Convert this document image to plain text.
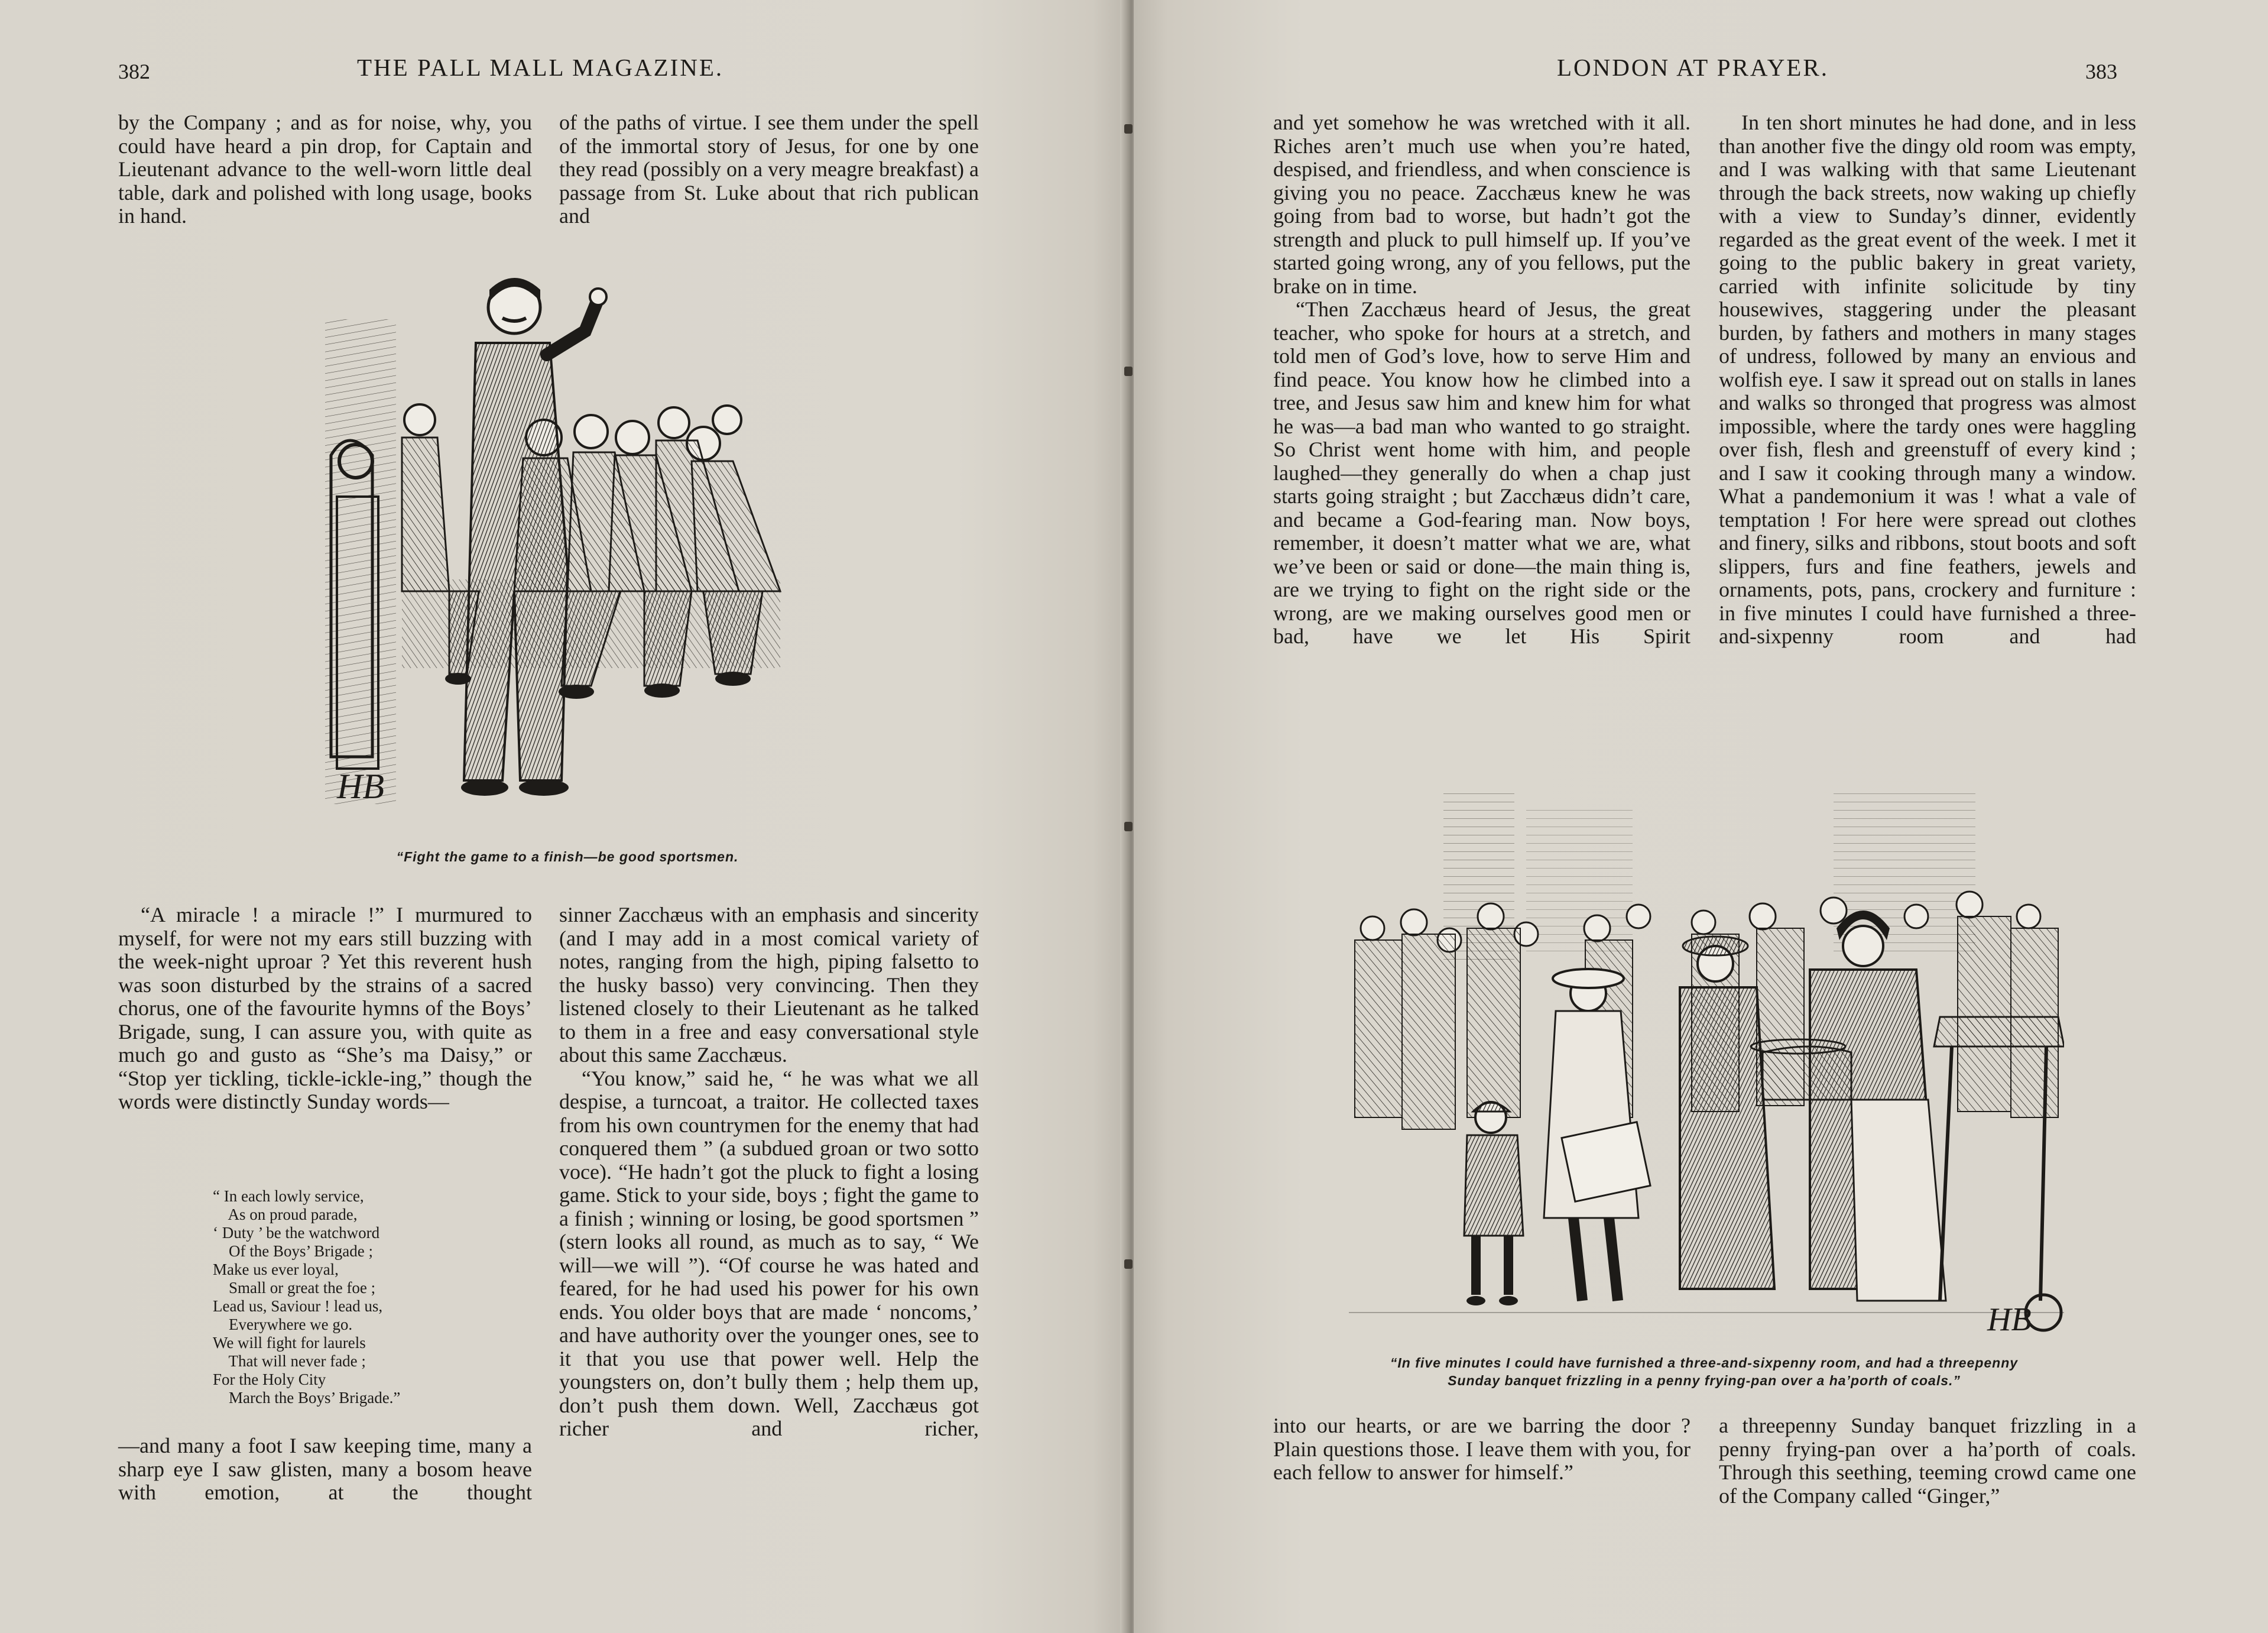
382	THE PALL MALL MAGAZINE.

by the Company ; and as for noise, why, you could have heard a pin drop, for Captain and Lieutenant advance to the well-worn little deal table, dark and polished with long usage, books in hand.

of the paths of virtue. I see them under the spell of the immortal story of Jesus, for one by one they read (possibly on a very meagre breakfast) a passage from St. Luke about that rich publican and

HB
“Fight the game to a finish—be good sportsmen.

“A miracle ! a miracle !” I murmured to myself, for were not my ears still buzzing with the week-night uproar ? Yet this reverent hush was soon disturbed by the strains of a sacred chorus, one of the favourite hymns of the Boys’ Brigade, sung, I can assure you, with quite as much go and gusto as “She’s ma Daisy,” or “Stop yer tickling, tickle-ickle-ing,” though the words were distinctly Sunday words—

“ In each lowly service,
As on proud parade,
‘ Duty ’ be the watchword
Of the Boys’ Brigade ;
Make us ever loyal,
Small or great the foe ;
Lead us, Saviour ! lead us,
Everywhere we go.
We will fight for laurels
That will never fade ;
For the Holy City
March the Boys’ Brigade.”

—and many a foot I saw keeping time, many a sharp eye I saw glisten, many a bosom heave with emotion, at the thought

sinner Zacchæus with an emphasis and sincerity (and I may add in a most comical variety of notes, ranging from the high, piping falsetto to the husky basso) very convincing. Then they listened closely to their Lieutenant as he talked to them in a free and easy conversational style about this same Zacchæus.

“You know,” said he, “ he was what we all despise, a turncoat, a traitor. He collected taxes from his own countrymen for the enemy that had conquered them ” (a subdued groan or two sotto voce). “He hadn’t got the pluck to fight a losing game. Stick to your side, boys ; fight the game to a finish ; winning or losing, be good sportsmen ” (stern looks all round, as much as to say, “ We will—we will ”). “Of course he was hated and feared, for he had used his power for his own ends. You older boys that are made ‘ noncoms,’ and have authority over the younger ones, see to it that you use that power well. Help the youngsters on, don’t bully them ; help them up, don’t push them down. Well, Zacchæus got richer and richer,

LONDON AT PRAYER.	383

and yet somehow he was wretched with it all. Riches aren’t much use when you’re hated, despised, and friendless, and when conscience is giving you no peace. Zacchæus knew he was going from bad to worse, but hadn’t got the strength and pluck to pull himself up. If you’ve started going wrong, any of you fellows, put the brake on in time.

“Then Zacchæus heard of Jesus, the great teacher, who spoke for hours at a stretch, and told men of God’s love, how to serve Him and find peace. You know how he climbed into a tree, and Jesus saw him and knew him for what he was—a bad man who wanted to go straight. So Christ went home with him, and people laughed—they generally do when a chap just starts going straight ; but Zacchæus didn’t care, and became a God-fearing man. Now boys, remember, it doesn’t matter what we are, what we’ve been or said or done—the main thing is, are we trying to fight on the right side or the wrong, are we making ourselves good men or bad, have we let His Spirit

In ten short minutes he had done, and in less than another five the dingy old room was empty, and I was walking with that same Lieutenant through the back streets, now waking up chiefly with a view to Sunday’s dinner, evidently regarded as the great event of the week. I met it going to the public bakery in great variety, carried with infinite solicitude by tiny housewives, staggering under the pleasant burden, by fathers and mothers in many stages of undress, followed by many an envious and wolfish eye. I saw it spread out on stalls in lanes and walks so thronged that progress was almost impossible, where the tardy ones were haggling over fish, flesh and greenstuff of every kind ; and I saw it cooking through many a window. What a pandemonium it was ! what a vale of temptation ! For here were spread out clothes and finery, silks and ribbons, stout boots and soft slippers, furs and fine feathers, jewels and ornaments, pots, pans, crockery and furniture : in five minutes I could have furnished a three-and-sixpenny room and had

HB
“In five minutes I could have furnished a three-and-sixpenny room, and had a threepenny
Sunday banquet frizzling in a penny frying-pan over a ha’porth of coals.”

into our hearts, or are we barring the door ? Plain questions those. I leave them with you, for each fellow to answer for himself.”

a threepenny Sunday banquet frizzling in a penny frying-pan over a ha’porth of coals. Through this seething, teeming crowd came one of the Company called “Ginger,”
